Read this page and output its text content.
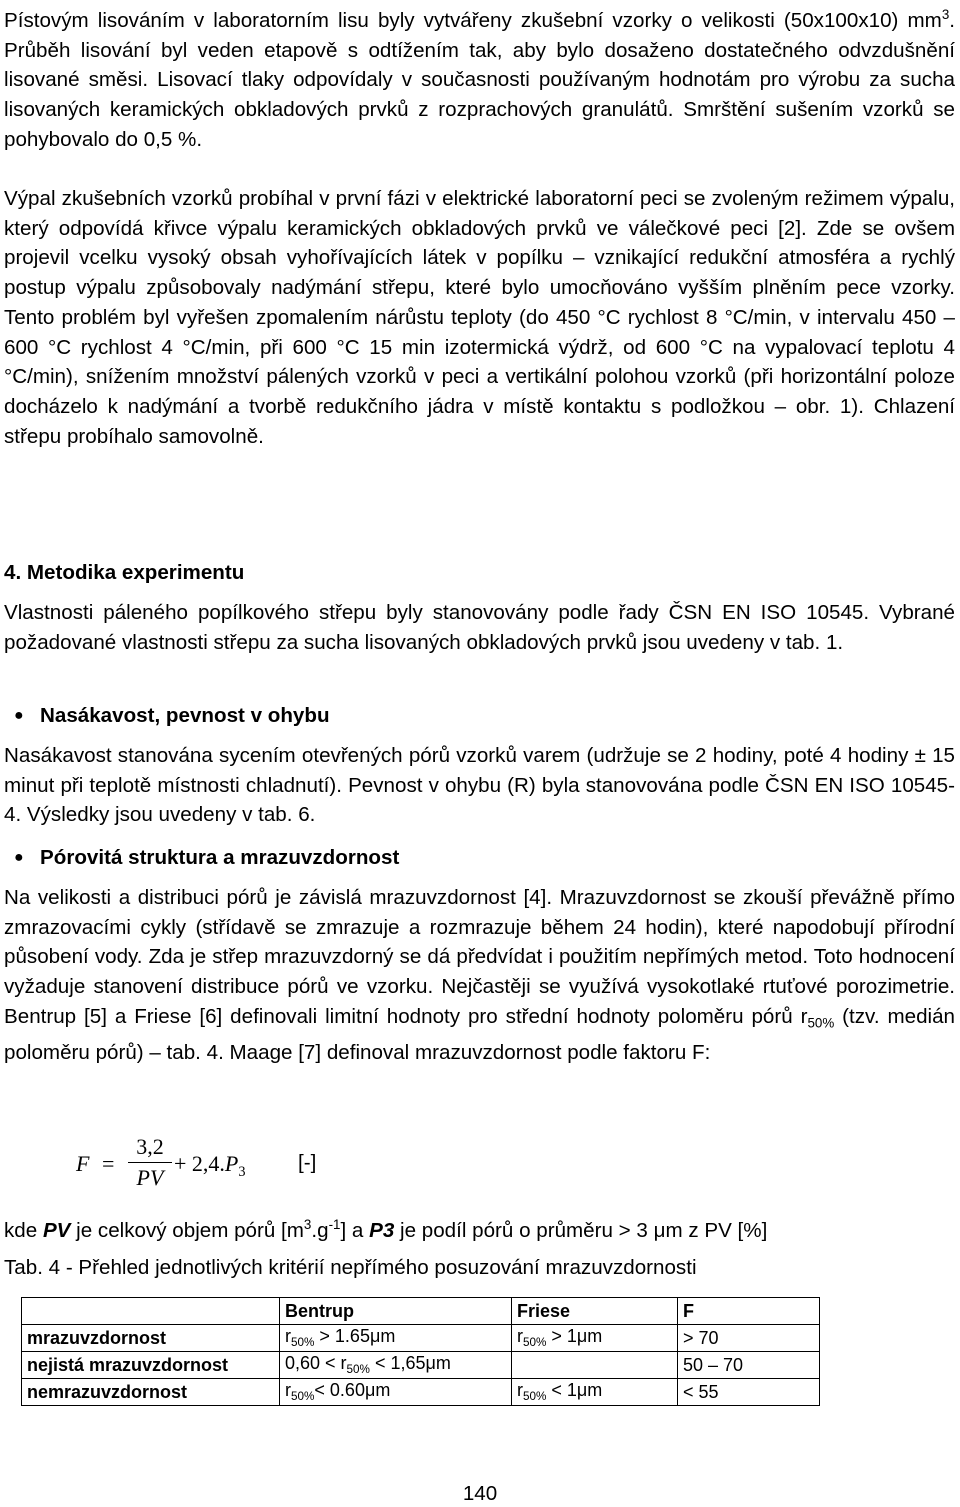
Pístovým lisováním v laboratorním lisu byly vytvářeny zkušební vzorky o velikosti (50x100x10) $mm^3$. Průběh lisování byl veden etapově s odtížením tak, aby bylo dosaženo dostatečného odvzdušnění lisované směsi. Lisovací tlaky odpovídaly v současnosti používaným hodnotám pro výrobu za sucha lisovaných keramických obkladových prvků z rozprachových granulátů. Smrštění sušením vzorků se pohybovalo do 0,5 %.

Výpal zkušebních vzorků probíhal v první fázi v elektrické laboratorní peci se zvoleným režimem výpalu, který odpovídá křivce výpalu keramických obkladových prvků ve válečkové peci [2]. Zde se ovšem projevil vcelku vysoký obsah vyhořívajících látek v popílku – vznikající redukční atmosféra a rychlý postup výpalu způsobovaly nadýmání střepu, které bylo umocňováno vyšším plněním pece vzorky. Tento problém byl vyřešen zpomalením nárůstu teploty (do 450 °C rychlost 8 °C/min, v intervalu 450 – 600 °C rychlost 4 °C/min, při 600 °C 15 min izotermická výdrž, od 600 °C na vypalovací teplotu 4 °C/min), snížením množství pálených vzorků v peci a vertikální polohou vzorků (při horizontální poloze docházelo k nadýmání a tvorbě redukčního jádra v místě kontaktu s podložkou – obr. 1). Chlazení střepu probíhalo samovolně.

4. Metodika experimentu

Vlastnosti páleného popílkového střepu byly stanovovány podle řady ČSN EN ISO 10545. Vybrané požadované vlastnosti střepu za sucha lisovaných obkladových prvků jsou uvedeny v tab. 1.

● Nasákavost, pevnost v ohybu

Nasákavost stanována sycením otevřených pórů vzorků varem (udržuje se 2 hodiny, poté 4 hodiny ± 15 minut při teplotě místnosti chladnutí). Pevnost v ohybu (R) byla stanovována podle ČSN EN ISO 10545-4. Výsledky jsou uvedeny v tab. 6.

● Pórovitá struktura a mrazuvzdornost

Na velikosti a distribuci pórů je závislá mrazuvzdornost [4]. Mrazuvzdornost se zkouší převážně přímo zmrazovacími cykly (střídavě se zmrazuje a rozmrazuje během 24 hodin), které napodobují přírodní působení vody. Zda je střep mrazuvzdorný se dá předvídat i použitím nepřímých metod. Toto hodnocení vyžaduje stanovení distribuce pórů ve vzorku. Nejčastěji se využívá vysokotlaké rtuťové porozimetrie. Bentrup [5] a Friese [6] definovali limitní hodnoty pro střední hodnoty poloměru pórů $r_{50\%}$ (tzv. medián poloměru pórů) – tab. 4. Maage [7] definoval mrazuvzdornost podle faktoru F:

F =
3,2
PV
+ $2,4.P_3$	[-]

kde PV je celkový objem pórů $[m^3.g^{-1}]$ a P3 je podíl pórů o průměru > 3 μm z PV [%]

Tab. 4 - Přehled jednotlivých kritérií nepřímého posuzování mrazuvzdornosti

	Bentrup	Friese	F
mrazuvzdornost	$r_{50\%} > 1.65\mu m$	$r_{50\%} > 1\mu m$	> 70
nejistá mrazuvzdornost	$0,60 < r_{50\%} < 1,65\mu m$		50 – 70
nemrazuvzdornost	$r_{50\%}< 0.60\mu m$	$r_{50\%} < 1\mu m$	< 55
140
